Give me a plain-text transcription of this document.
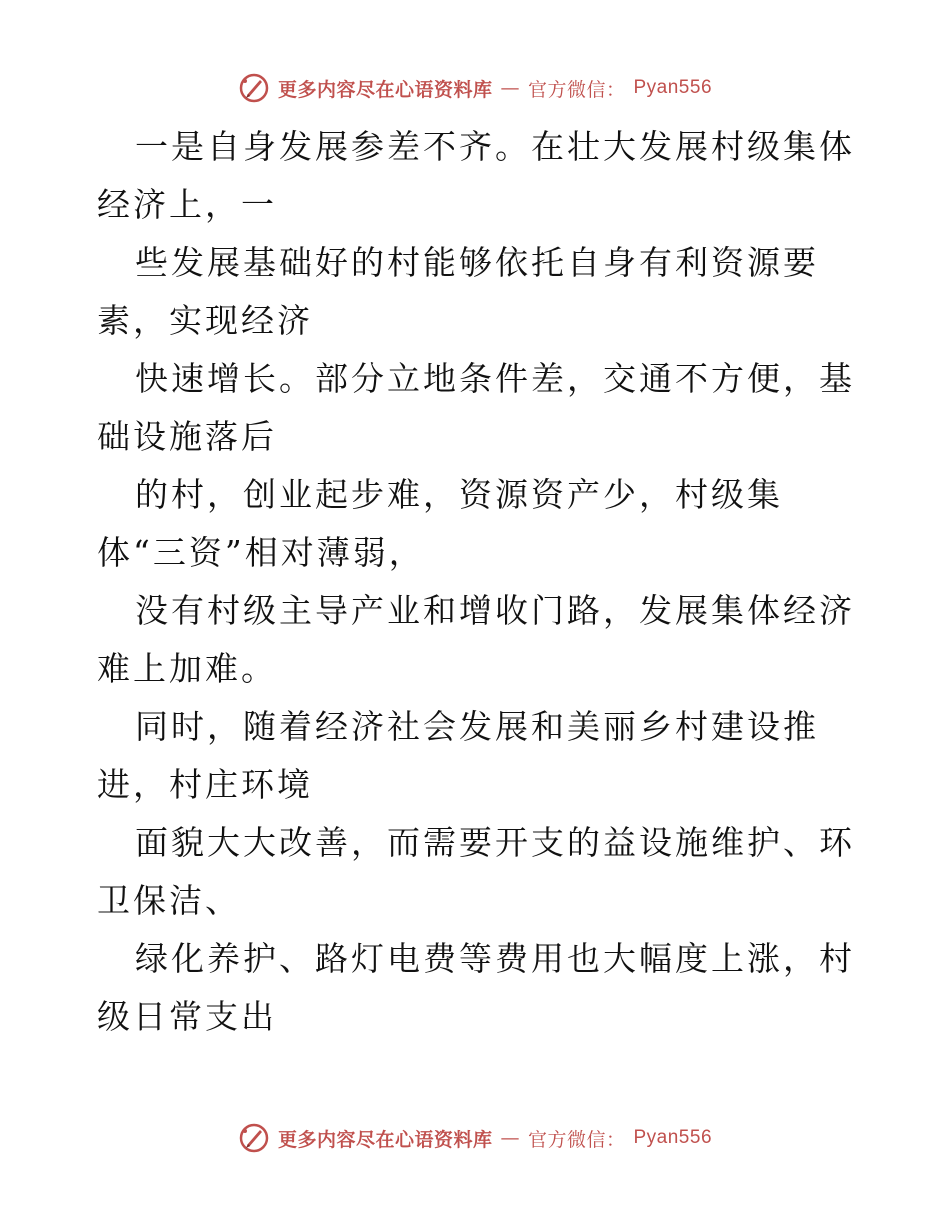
更多内容尽在心语资料库 — 官方微信： Pyan556

一是自身发展参差不齐。在壮大发展村级集体经济上，一

些发展基础好的村能够依托自身有利资源要素，实现经济

快速增长。部分立地条件差，交通不方便，基础设施落后

的村，创业起步难，资源资产少，村级集体“三资”相对薄弱，

没有村级主导产业和增收门路，发展集体经济难上加难。

同时，随着经济社会发展和美丽乡村建设推进，村庄环境

面貌大大改善，而需要开支的益设施维护、环卫保洁、

绿化养护、路灯电费等费用也大幅度上涨，村级日常支出

更多内容尽在心语资料库 — 官方微信： Pyan556
